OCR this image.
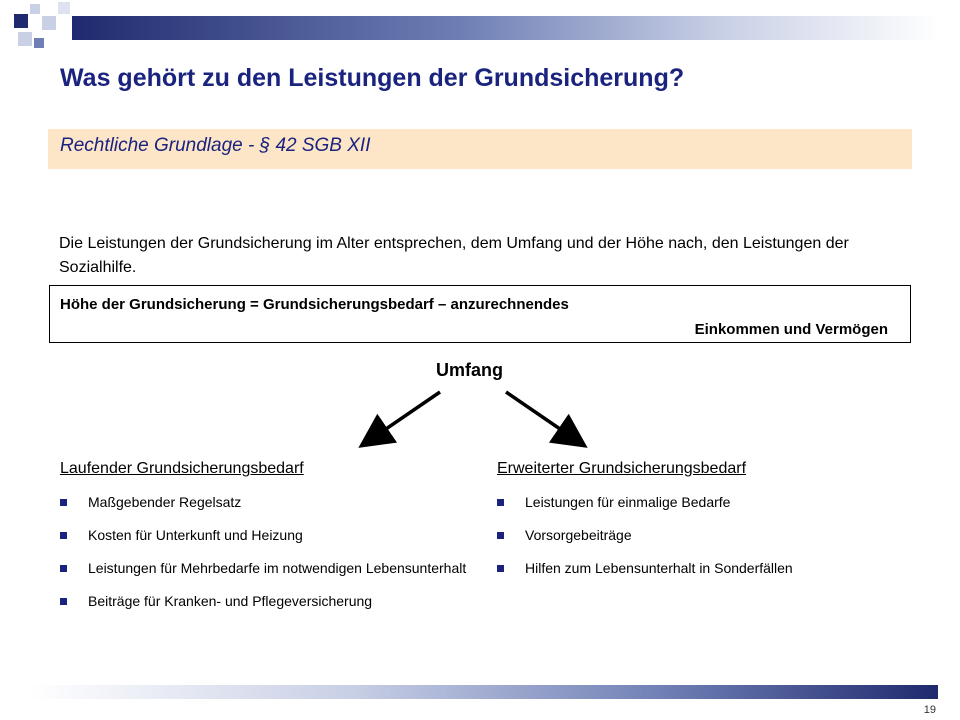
Was gehört zu den Leistungen der Grundsicherung?
Rechtliche Grundlage - § 42 SGB XII

Die Leistungen der Grundsicherung im Alter entsprechen, dem Umfang und der Höhe nach, den Leistungen der Sozialhilfe.

Höhe der Grundsicherung = Grundsicherungsbedarf – anzurechnendes
Einkommen und Vermögen
Umfang

Laufender Grundsicherungsbedarf

Maßgebender Regelsatz
Kosten für Unterkunft und Heizung
Leistungen für Mehrbedarfe im notwendigen Lebensunterhalt
Beiträge für Kranken- und Pflegeversicherung

Erweiterter Grundsicherungsbedarf

Leistungen für einmalige Bedarfe
Vorsorgebeiträge
Hilfen zum Lebensunterhalt in Sonderfällen
19
